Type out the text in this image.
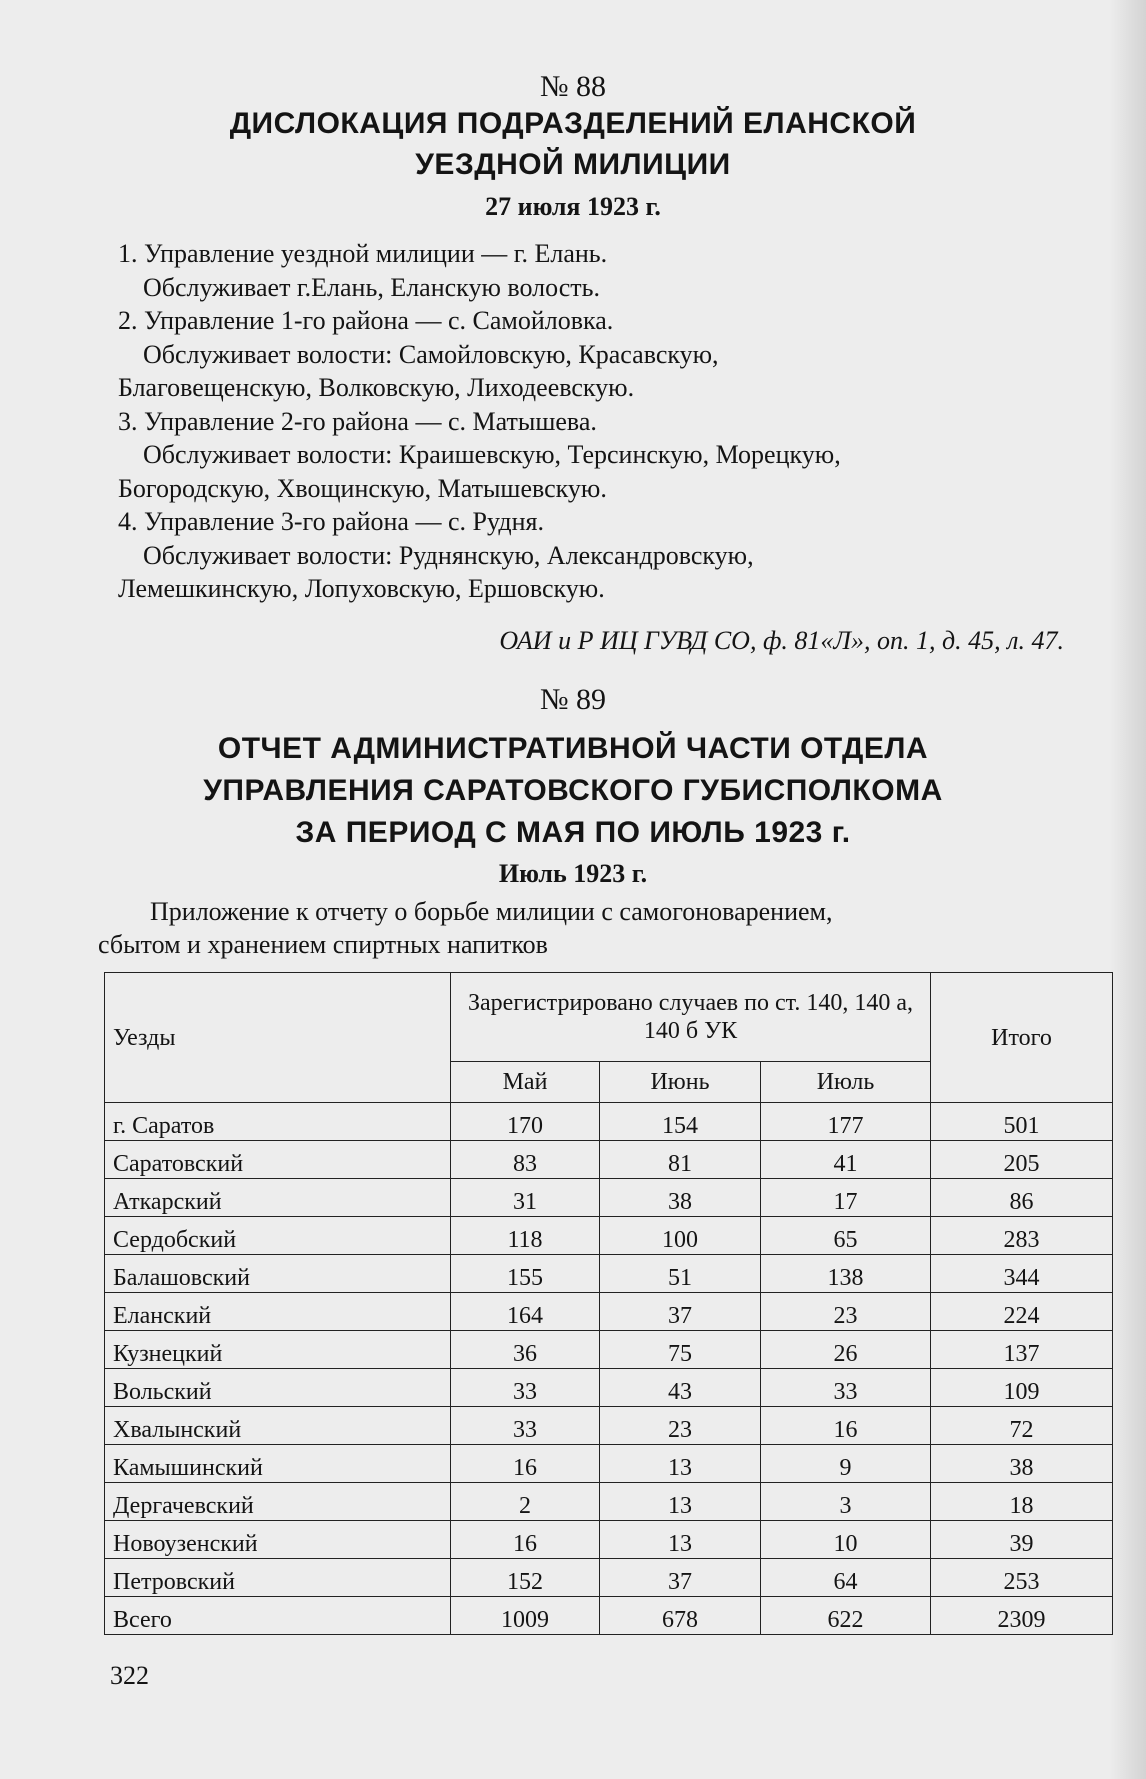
№ 88
ДИСЛОКАЦИЯ ПОДРАЗДЕЛЕНИЙ ЕЛАНСКОЙ
УЕЗДНОЙ МИЛИЦИИ
27 июля 1923 г.
1. Управление уездной милиции — г. Елань.
Обслуживает г.Елань, Еланскую волость.
2. Управление 1-го района — с. Самойловка.
Обслуживает волости: Самойловскую, Красавскую,
Благовещенскую, Волковскую, Лиходеевскую.
3. Управление 2-го района — с. Матышева.
Обслуживает волости: Краишевскую, Терсинскую, Морецкую,
Богородскую, Хвощинскую, Матышевскую.
4. Управление 3-го района — с. Рудня.
Обслуживает волости: Руднянскую, Александровскую,
Лемешкинскую, Лопуховскую, Ершовскую.
ОАИ и Р ИЦ ГУВД СО, ф. 81«Л», оп. 1, д. 45, л. 47.
№ 89
ОТЧЕТ АДМИНИСТРАТИВНОЙ ЧАСТИ ОТДЕЛА
УПРАВЛЕНИЯ САРАТОВСКОГО ГУБИСПОЛКОМА
ЗА ПЕРИОД С МАЯ ПО ИЮЛЬ 1923 г.
Июль 1923 г.
Приложение к отчету о борьбе милиции с самогоноварением,
сбытом и хранением спиртных напитков
Уезды	Зарегистрировано случаев по ст. 140, 140 а, 140 б УК			Итого
	Май	Июнь	Июль	
г. Саратов	170	154	177	501
Саратовский	83	81	41	205
Аткарский	31	38	17	86
Сердобский	118	100	65	283
Балашовский	155	51	138	344
Еланский	164	37	23	224
Кузнецкий	36	75	26	137
Вольский	33	43	33	109
Хвалынский	33	23	16	72
Камышинский	16	13	9	38
Дергачевский	2	13	3	18
Новоузенский	16	13	10	39
Петровский	152	37	64	253
Всего	1009	678	622	2309
322
